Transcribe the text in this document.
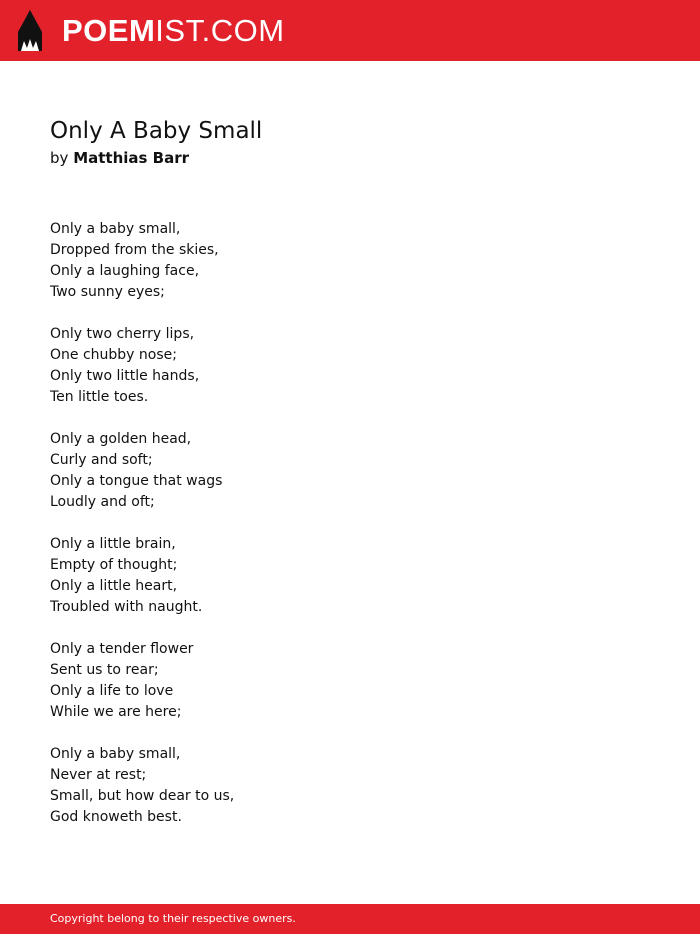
POEMIST.COM
Only A Baby Small
by Matthias Barr
Only a baby small,
Dropped from the skies,
Only a laughing face,
Two sunny eyes;
Only two cherry lips,
One chubby nose;
Only two little hands,
Ten little toes.
Only a golden head,
Curly and soft;
Only a tongue that wags
Loudly and oft;
Only a little brain,
Empty of thought;
Only a little heart,
Troubled with naught.
Only a tender flower
Sent us to rear;
Only a life to love
While we are here;
Only a baby small,
Never at rest;
Small, but how dear to us,
God knoweth best.
Copyright belong to their respective owners.
